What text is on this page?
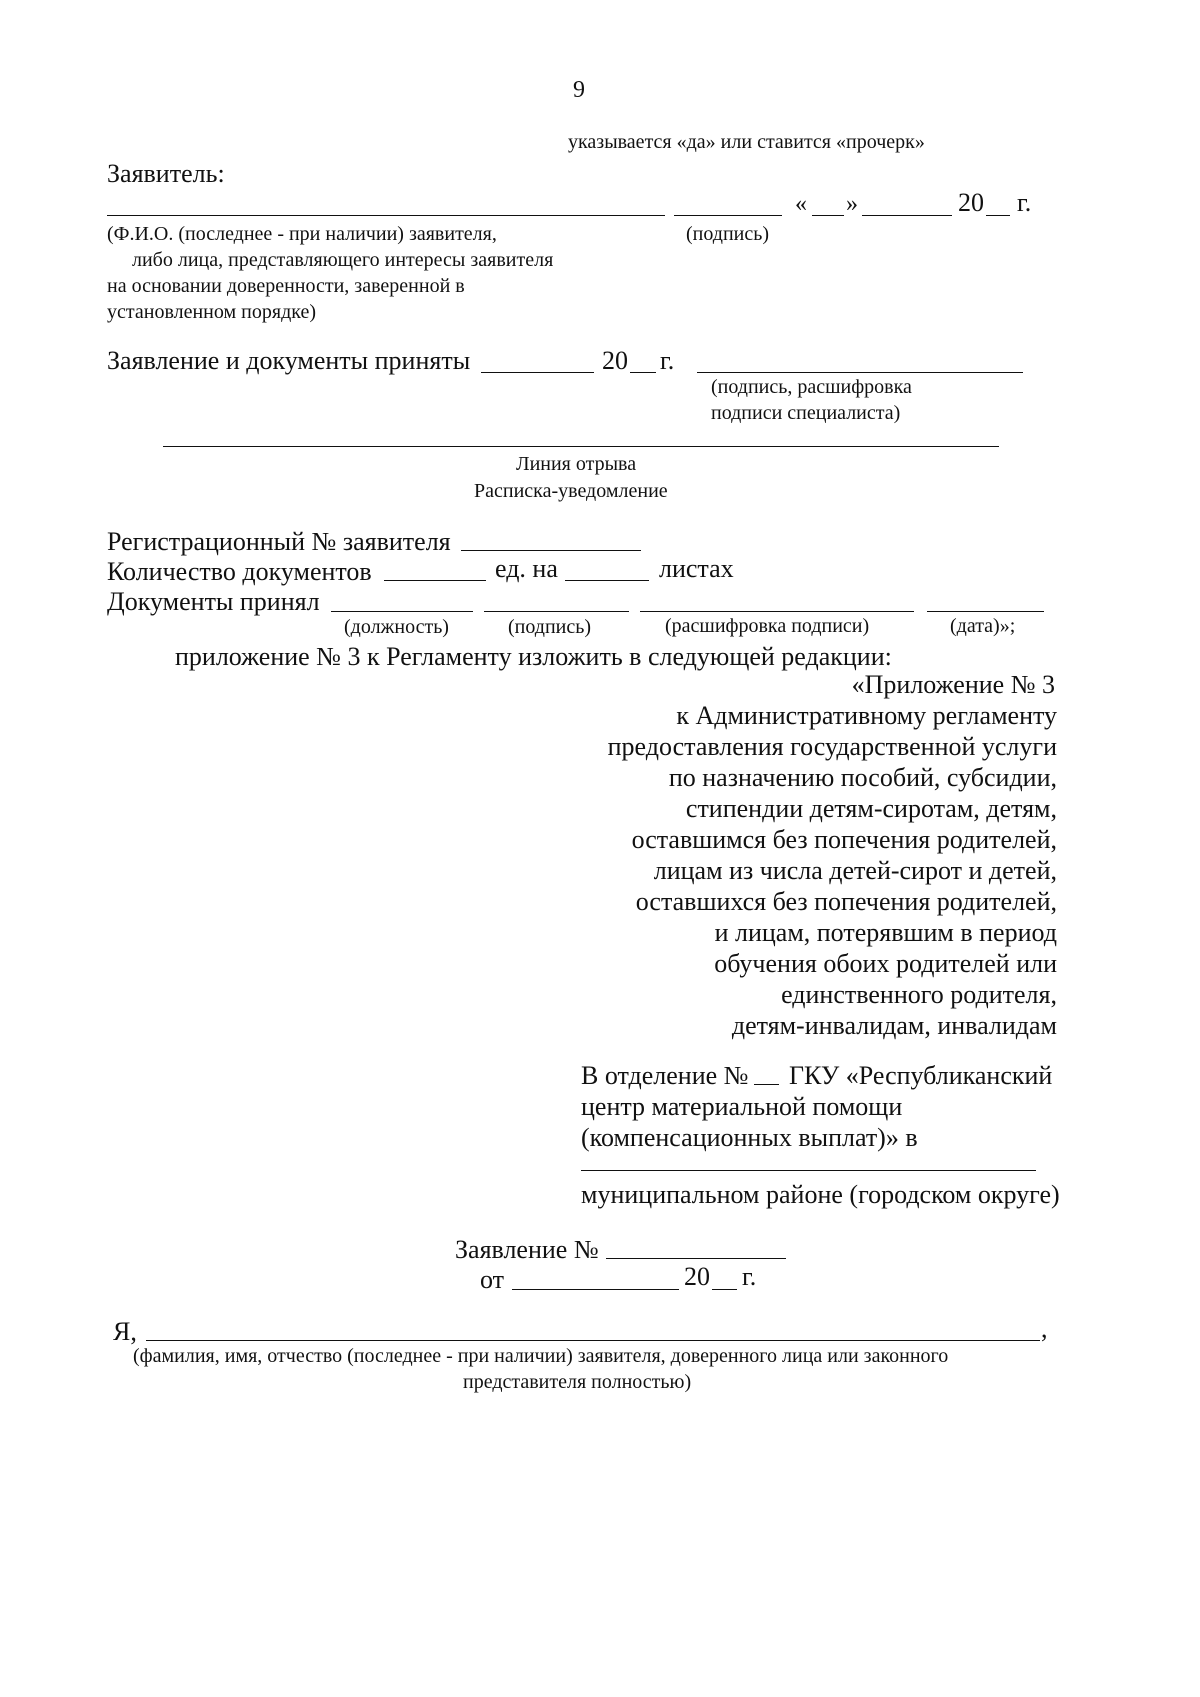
9
указывается «да» или ставится «прочерк»
Заявитель:
« »	20 г.
(Ф.И.О. (последнее - при наличии) заявителя,
либо лица, представляющего интересы заявителя
на основании доверенности, заверенной в
установленном порядке)
(подпись)
Заявление и документы приняты	20 г.
(подпись, расшифровка
подписи специалиста)
Линия отрыва
Расписка-уведомление
Регистрационный № заявителя
Количество документов	ед. на	листах
Документы принял
(должность)	(подпись)	(расшифровка подписи)	(дата)»;
приложение № 3 к Регламенту изложить в следующей редакции:
«Приложение № 3
к Административному регламенту
предоставления государственной услуги
по назначению пособий, субсидии,
стипендии детям-сиротам, детям,
оставшимся без попечения родителей,
лицам из числа детей-сирот и детей,
оставшихся без попечения родителей,
и лицам, потерявшим в период
обучения обоих родителей или
единственного родителя,
детям-инвалидам, инвалидам
В отделение № ГКУ «Республиканский
центр материальной помощи
(компенсационных выплат)» в
муниципальном районе (городском округе)
Заявление №
от	20 г.
Я,	,
(фамилия, имя, отчество (последнее - при наличии) заявителя, доверенного лица или законного
представителя полностью)
